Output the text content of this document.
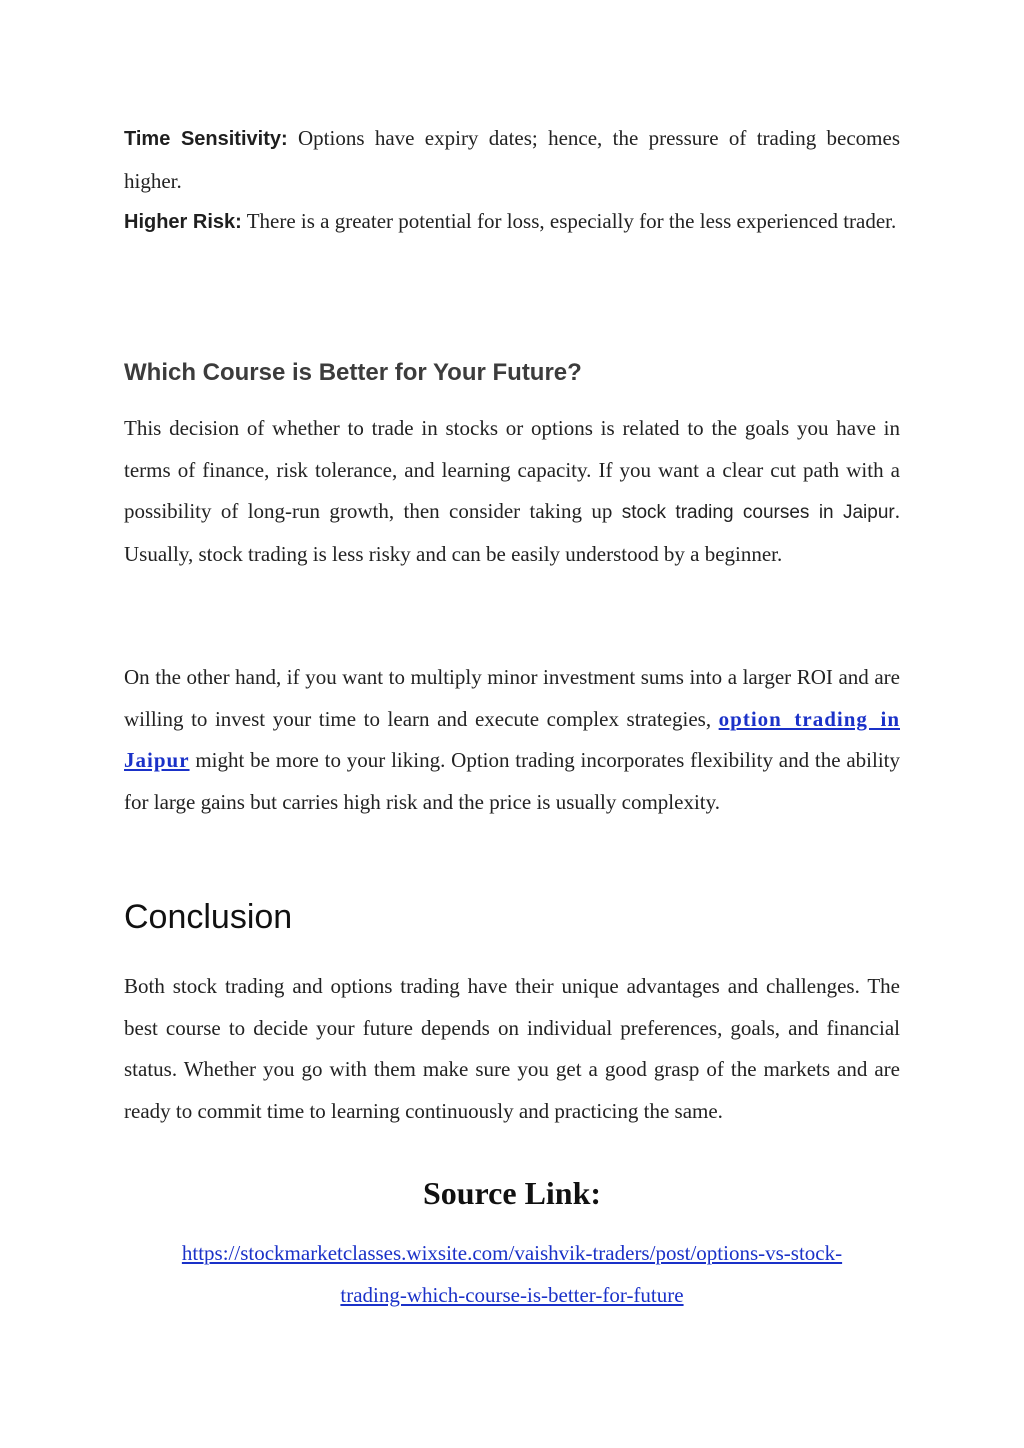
Time Sensitivity: Options have expiry dates; hence, the pressure of trading becomes higher.

Higher Risk: There is a greater potential for loss, especially for the less experienced trader.

Which Course is Better for Your Future?

This decision of whether to trade in stocks or options is related to the goals you have in terms of finance, risk tolerance, and learning capacity. If you want a clear cut path with a possibility of long-run growth, then consider taking up stock trading courses in Jaipur. Usually, stock trading is less risky and can be easily understood by a beginner.

On the other hand, if you want to multiply minor investment sums into a larger ROI and are willing to invest your time to learn and execute complex strategies, option trading in Jaipur might be more to your liking. Option trading incorporates flexibility and the ability for large gains but carries high risk and the price is usually complexity.

Conclusion

Both stock trading and options trading have their unique advantages and challenges. The best course to decide your future depends on individual preferences, goals, and financial status. Whether you go with them make sure you get a good grasp of the markets and are ready to commit time to learning continuously and practicing the same.

Source Link:

https://stockmarketclasses.wixsite.com/vaishvik-traders/post/options-vs-stock-
trading-which-course-is-better-for-future
